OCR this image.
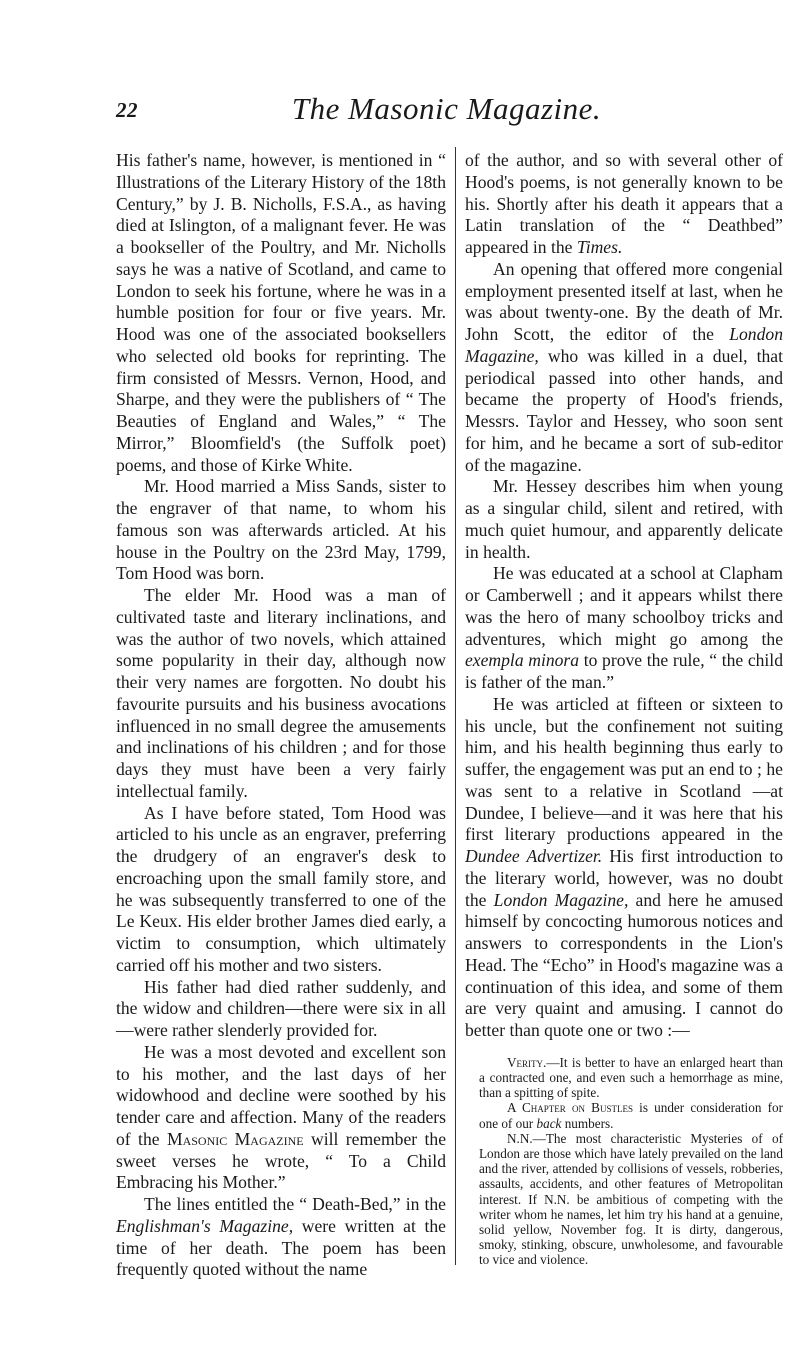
22	The Masonic Magazine.

His father's name, however, is mentioned in “ Illustrations of the Literary History of the 18th Century,” by J. B. Nicholls, F.S.A., as having died at Islington, of a malignant fever. He was a bookseller of the Poultry, and Mr. Nicholls says he was a native of Scotland, and came to London to seek his fortune, where he was in a humble position for four or five years. Mr. Hood was one of the associated booksellers who selected old books for reprinting. The firm consisted of Messrs. Vernon, Hood, and Sharpe, and they were the publishers of “ The Beauties of England and Wales,” “ The Mirror,” Bloomfield's (the Suffolk poet) poems, and those of Kirke White.

Mr. Hood married a Miss Sands, sister to the engraver of that name, to whom his famous son was afterwards articled. At his house in the Poultry on the 23rd May, 1799, Tom Hood was born.

The elder Mr. Hood was a man of cultivated taste and literary inclinations, and was the author of two novels, which attained some popularity in their day, although now their very names are forgotten. No doubt his favourite pursuits and his business avocations influenced in no small degree the amusements and inclinations of his children ; and for those days they must have been a very fairly intellectual family.

As I have before stated, Tom Hood was articled to his uncle as an engraver, preferring the drudgery of an engraver's desk to encroaching upon the small family store, and he was subsequently transferred to one of the Le Keux. His elder brother James died early, a victim to consumption, which ultimately carried off his mother and two sisters.

His father had died rather suddenly, and the widow and children—there were six in all—were rather slenderly provided for.

He was a most devoted and excellent son to his mother, and the last days of her widowhood and decline were soothed by his tender care and affection. Many of the readers of the Masonic Magazine will remember the sweet verses he wrote, “ To a Child Embracing his Mother.”

The lines entitled the “ Death-Bed,” in the Englishman's Magazine, were written at the time of her death. The poem has been frequently quoted without the name

of the author, and so with several other of Hood's poems, is not generally known to be his. Shortly after his death it appears that a Latin translation of the “ Deathbed” appeared in the Times.

An opening that offered more congenial employment presented itself at last, when he was about twenty-one. By the death of Mr. John Scott, the editor of the London Magazine, who was killed in a duel, that periodical passed into other hands, and became the property of Hood's friends, Messrs. Taylor and Hessey, who soon sent for him, and he became a sort of sub-editor of the magazine.

Mr. Hessey describes him when young as a singular child, silent and retired, with much quiet humour, and apparently delicate in health.

He was educated at a school at Clapham or Camberwell ; and it appears whilst there was the hero of many schoolboy tricks and adventures, which might go among the exempla minora to prove the rule, “ the child is father of the man.”

He was articled at fifteen or sixteen to his uncle, but the confinement not suiting him, and his health beginning thus early to suffer, the engagement was put an end to ; he was sent to a relative in Scotland —at Dundee, I believe—and it was here that his first literary productions appeared in the Dundee Advertizer. His first introduction to the literary world, however, was no doubt the London Magazine, and here he amused himself by concocting humorous notices and answers to correspondents in the Lion's Head. The “Echo” in Hood's magazine was a continuation of this idea, and some of them are very quaint and amusing. I cannot do better than quote one or two :—

Verity.—It is better to have an enlarged heart than a contracted one, and even such a hemorrhage as mine, than a spitting of spite.

A Chapter on Bustles is under consideration for one of our back numbers.

N.N.—The most characteristic Mysteries of of London are those which have lately prevailed on the land and the river, attended by collisions of vessels, robberies, assaults, accidents, and other features of Metropolitan interest. If N.N. be ambitious of competing with the writer whom he names, let him try his hand at a genuine, solid yellow, November fog. It is dirty, dangerous, smoky, stinking, obscure, unwholesome, and favourable to vice and violence.
